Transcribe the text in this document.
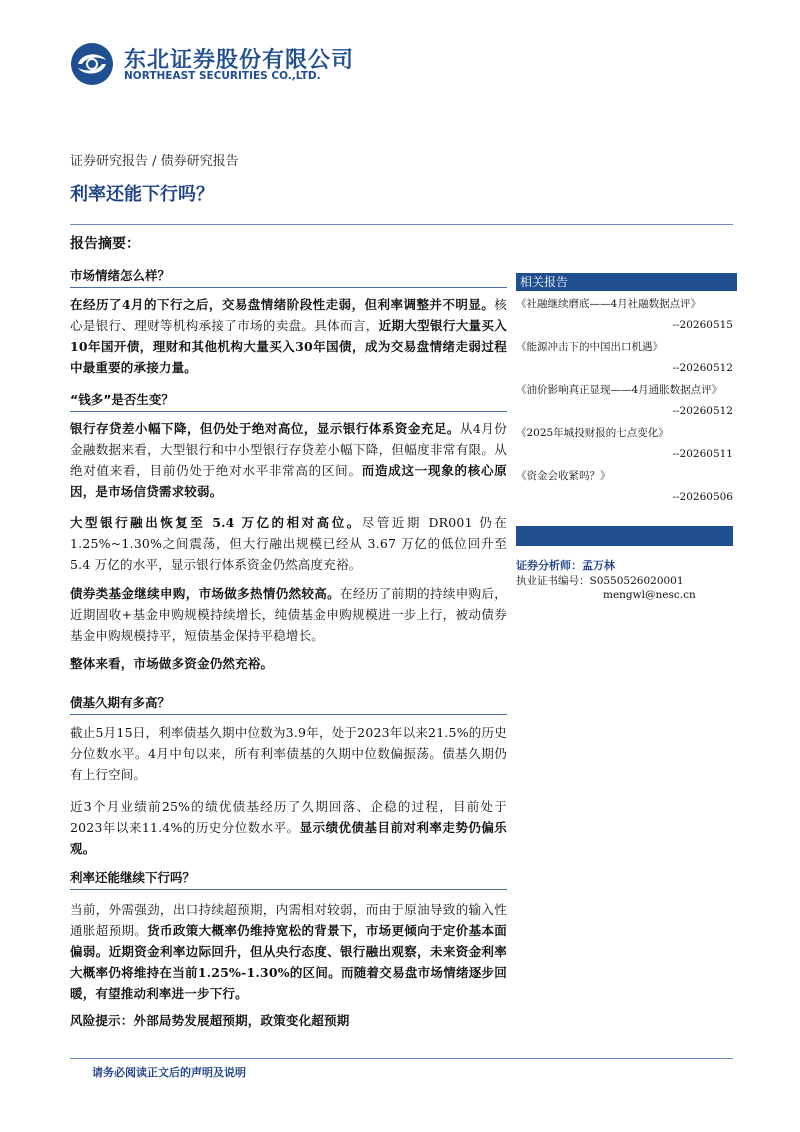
东北证券股份有限公司
NORTHEAST SECURITIES CO.,LTD.
证券研究报告 / 债券研究报告
利率还能下行吗？
报告摘要：
市场情绪怎么样？
在经历了4月的下行之后，交易盘情绪阶段性走弱，但利率调整并不明显。核心是银行、理财等机构承接了市场的卖盘。具体而言，近期大型银行大量买入10年国开债，理财和其他机构大量买入30年国债，成为交易盘情绪走弱过程中最重要的承接力量。
“钱多”是否生变？
银行存贷差小幅下降，但仍处于绝对高位，显示银行体系资金充足。从4月份金融数据来看，大型银行和中小型银行存贷差小幅下降，但幅度非常有限。从绝对值来看，目前仍处于绝对水平非常高的区间。而造成这一现象的核心原因，是市场信贷需求较弱。
大型银行融出恢复至 5.4 万亿的相对高位。尽管近期 DR001 仍在1.25%~1.30%之间震荡，但大行融出规模已经从 3.67 万亿的低位回升至5.4 万亿的水平，显示银行体系资金仍然高度充裕。
债券类基金继续申购，市场做多热情仍然较高。在经历了前期的持续申购后，近期固收+基金申购规模持续增长，纯债基金申购规模进一步上行，被动债券基金申购规模持平，短债基金保持平稳增长。
整体来看，市场做多资金仍然充裕。
债基久期有多高？
截止5月15日，利率债基久期中位数为3.9年，处于2023年以来21.5%的历史分位数水平。4月中旬以来，所有利率债基的久期中位数偏振荡。债基久期仍有上行空间。
近3个月业绩前25%的绩优债基经历了久期回落、企稳的过程，目前处于2023年以来11.4%的历史分位数水平。显示绩优债基目前对利率走势仍偏乐观。
利率还能继续下行吗？
当前，外需强劲，出口持续超预期，内需相对较弱，而由于原油导致的输入性通胀超预期。货币政策大概率仍维持宽松的背景下，市场更倾向于定价基本面偏弱。近期资金利率边际回升，但从央行态度、银行融出观察，未来资金利率大概率仍将维持在当前1.25%-1.30%的区间。而随着交易盘市场情绪逐步回暖，有望推动利率进一步下行。
风险提示：外部局势发展超预期，政策变化超预期
相关报告
《社融继续磨底——4月社融数据点评》
--20260515
《能源冲击下的中国出口机遇》
--20260512
《油价影响真正显现——4月通胀数据点评》
--20260512
《2025年城投财报的七点变化》
--20260511
《资金会收紧吗？》
--20260506
证券分析师：孟万林
执业证书编号：S0550526020001
mengwl@nesc.cn
请务必阅读正文后的声明及说明
